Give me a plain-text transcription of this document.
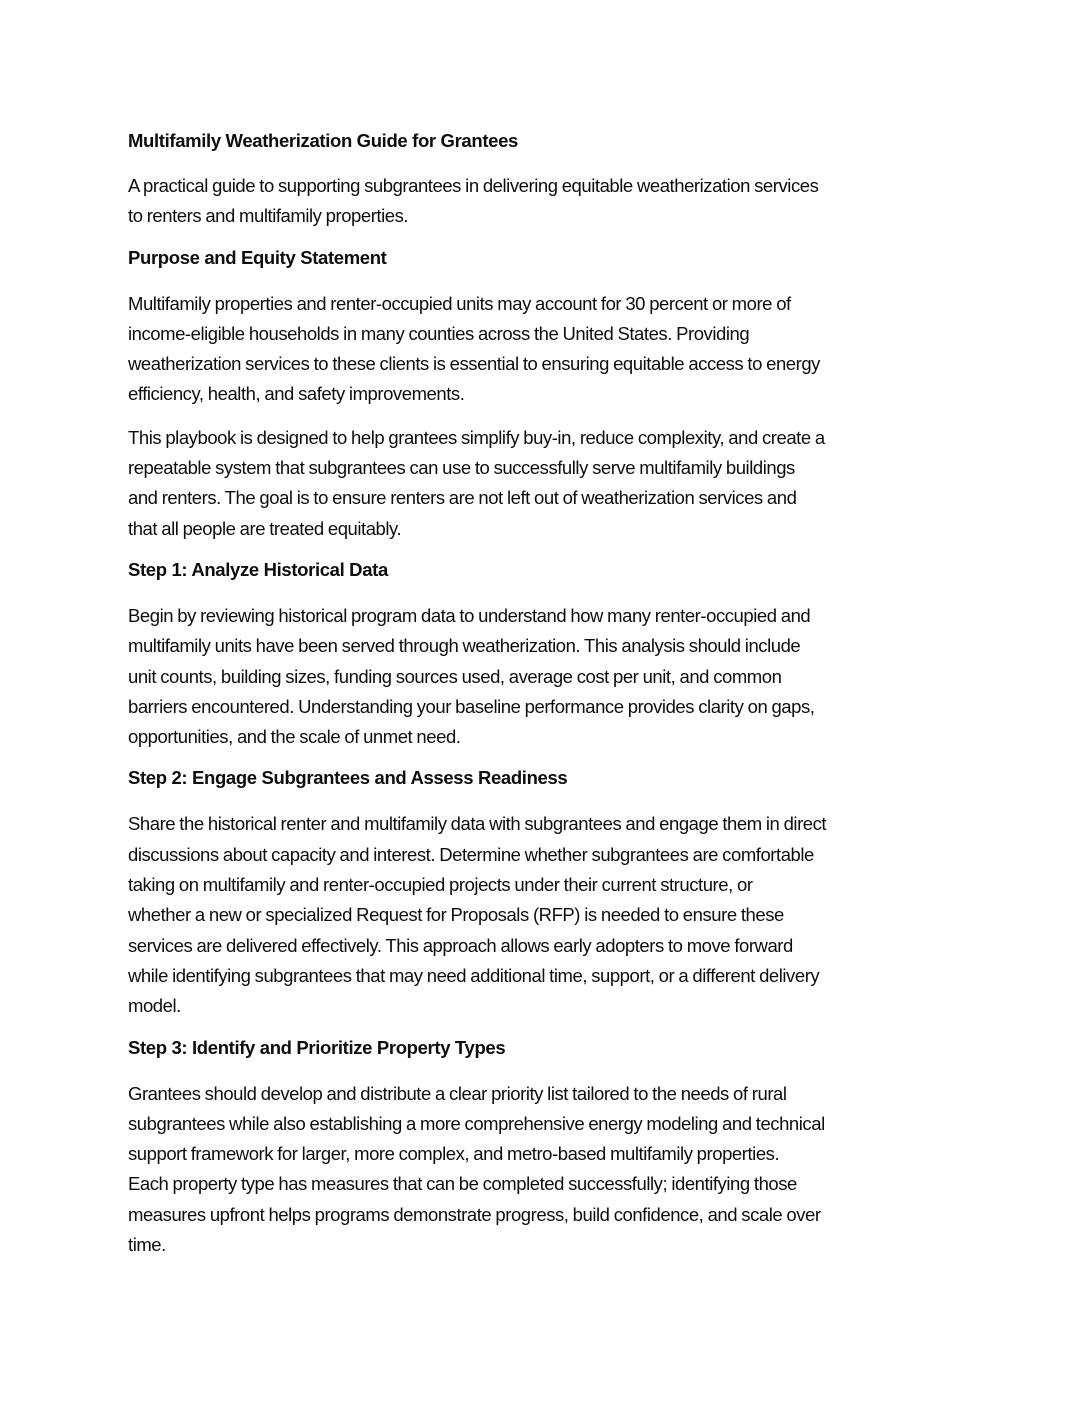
Multifamily Weatherization Guide for Grantees

A practical guide to supporting subgrantees in delivering equitable weatherization services
to renters and multifamily properties.

Purpose and Equity Statement

Multifamily properties and renter-occupied units may account for 30 percent or more of
income-eligible households in many counties across the United States. Providing
weatherization services to these clients is essential to ensuring equitable access to energy
efficiency, health, and safety improvements.

This playbook is designed to help grantees simplify buy-in, reduce complexity, and create a
repeatable system that subgrantees can use to successfully serve multifamily buildings
and renters. The goal is to ensure renters are not left out of weatherization services and
that all people are treated equitably.

Step 1: Analyze Historical Data

Begin by reviewing historical program data to understand how many renter-occupied and
multifamily units have been served through weatherization. This analysis should include
unit counts, building sizes, funding sources used, average cost per unit, and common
barriers encountered. Understanding your baseline performance provides clarity on gaps,
opportunities, and the scale of unmet need.

Step 2: Engage Subgrantees and Assess Readiness

Share the historical renter and multifamily data with subgrantees and engage them in direct
discussions about capacity and interest. Determine whether subgrantees are comfortable
taking on multifamily and renter-occupied projects under their current structure, or
whether a new or specialized Request for Proposals (RFP) is needed to ensure these
services are delivered effectively. This approach allows early adopters to move forward
while identifying subgrantees that may need additional time, support, or a different delivery
model.

Step 3: Identify and Prioritize Property Types

Grantees should develop and distribute a clear priority list tailored to the needs of rural
subgrantees while also establishing a more comprehensive energy modeling and technical
support framework for larger, more complex, and metro-based multifamily properties.
Each property type has measures that can be completed successfully; identifying those
measures upfront helps programs demonstrate progress, build confidence, and scale over
time.
